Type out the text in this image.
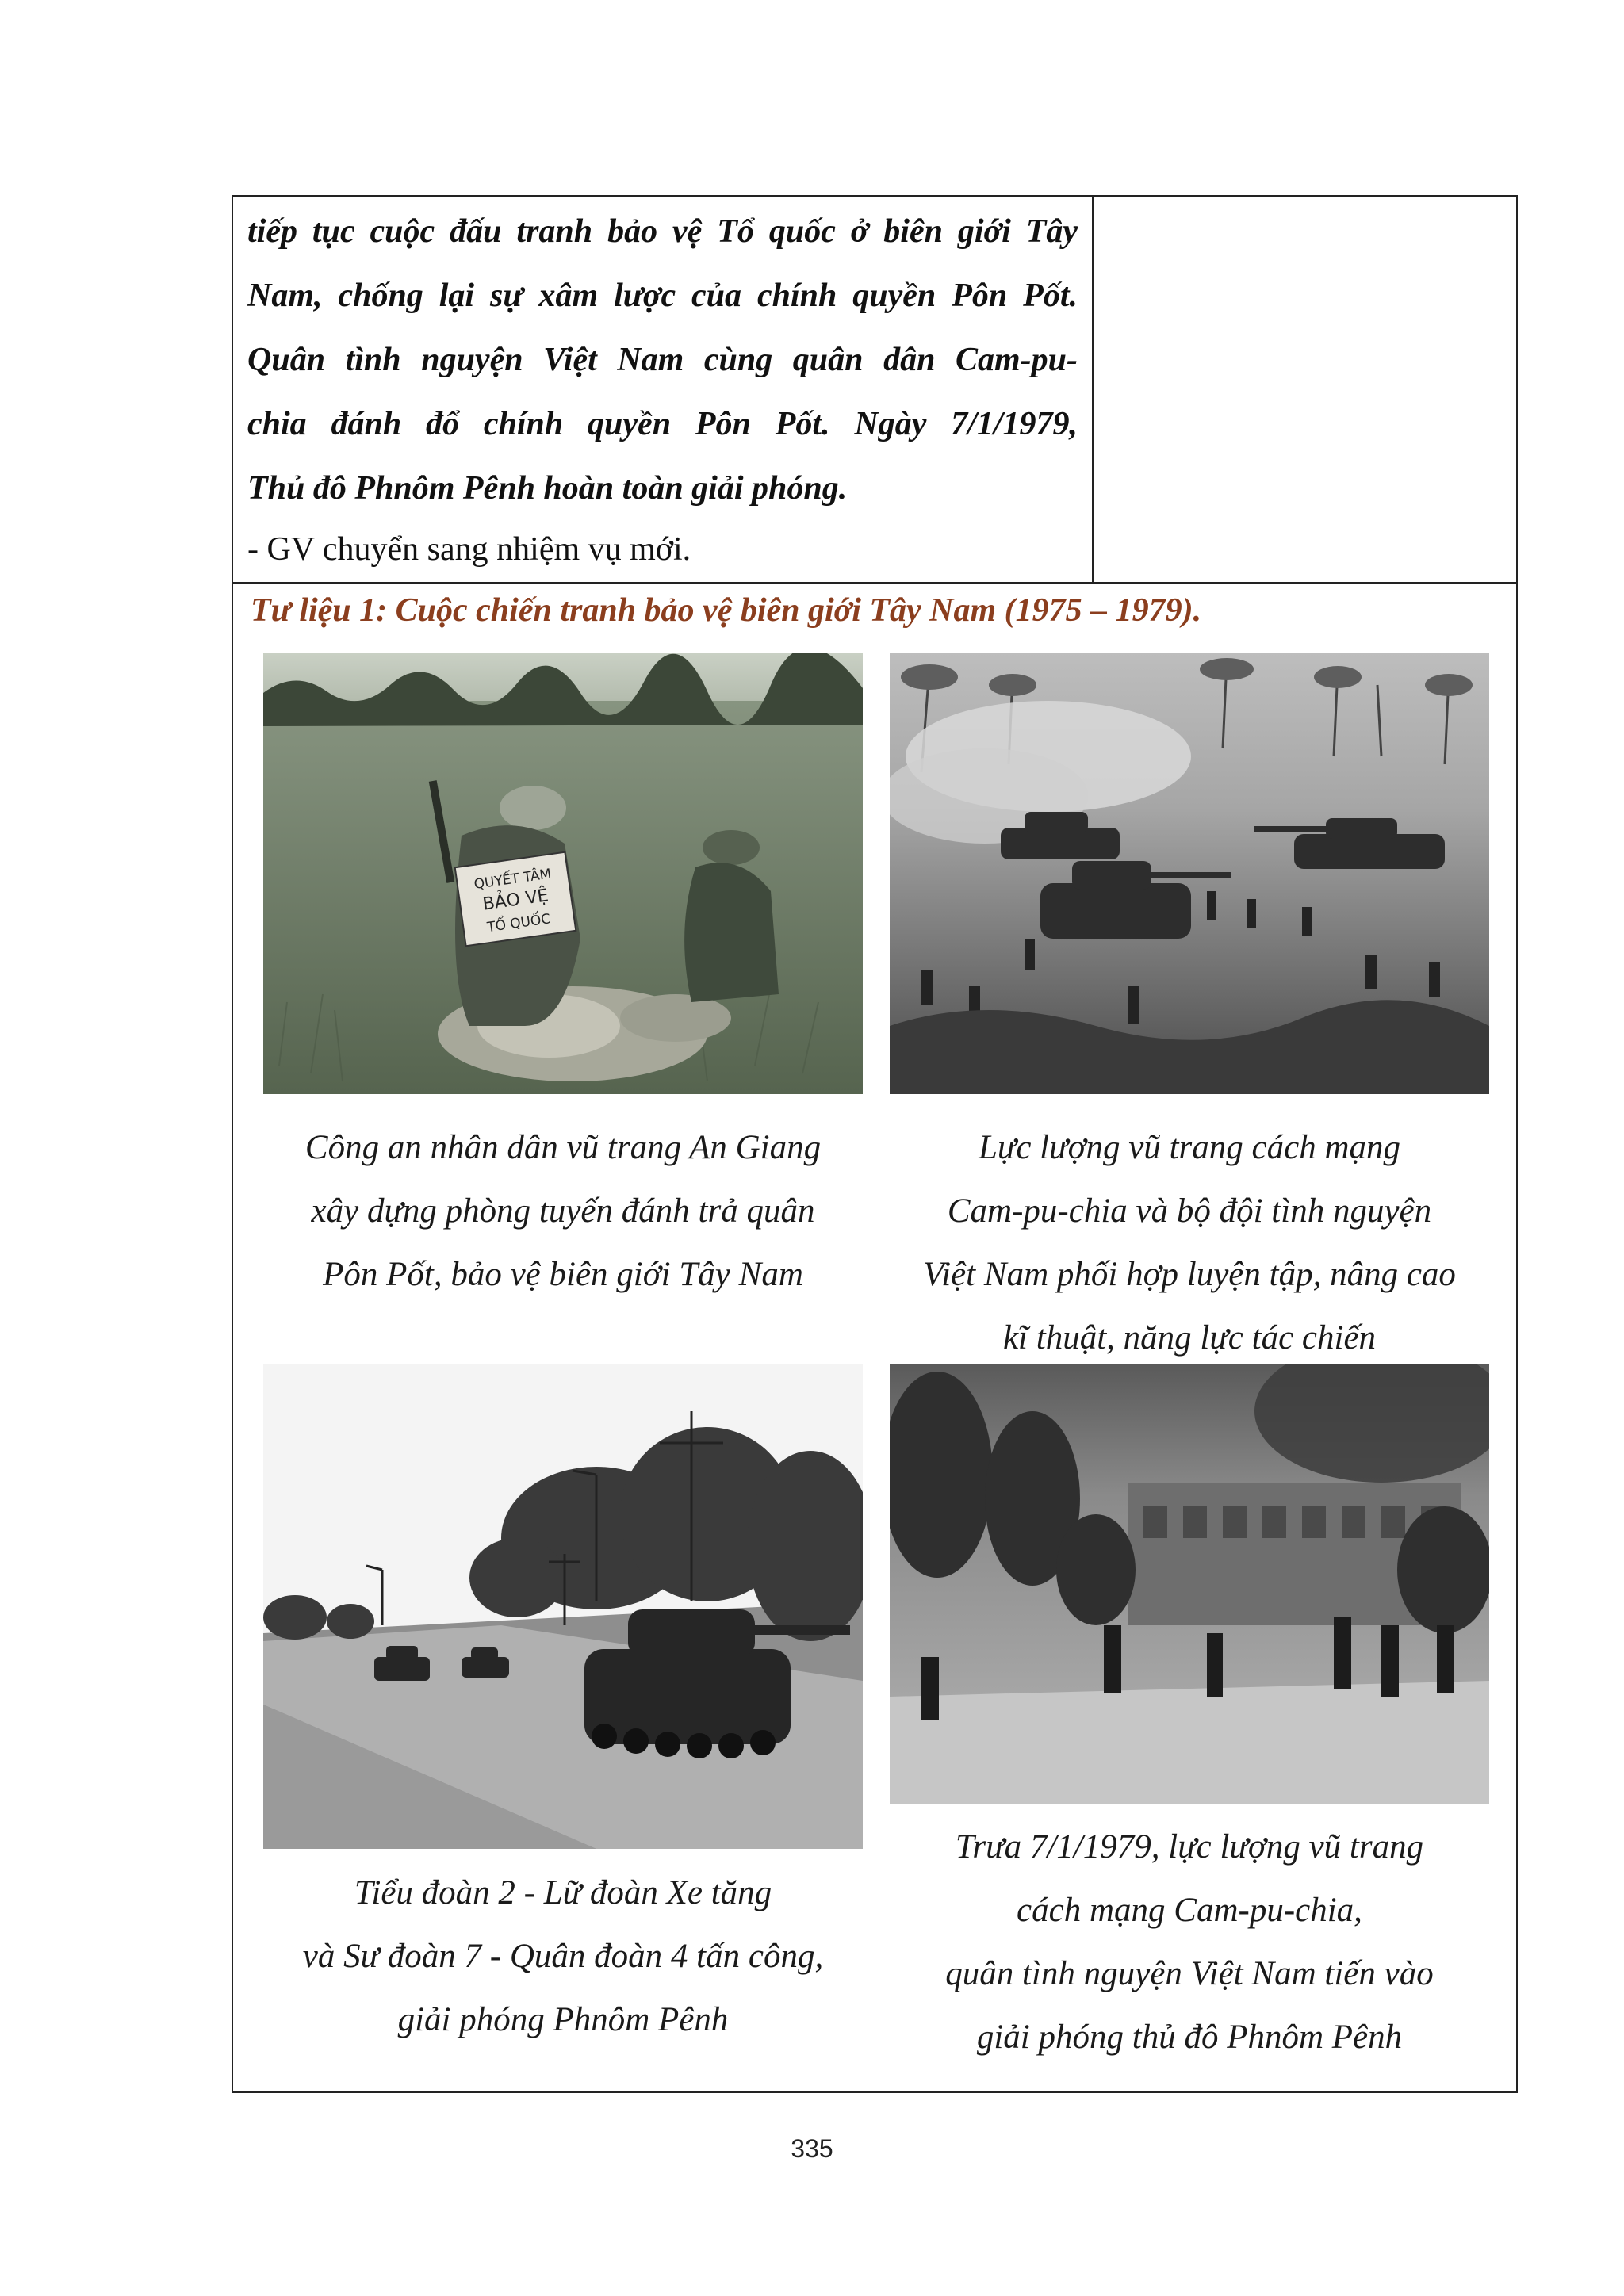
tiếp tục cuộc đấu tranh bảo vệ Tổ quốc ở biên giới Tây
Nam, chống lại sự xâm lược của chính quyền Pôn Pốt.
Quân tình nguyện Việt Nam cùng quân dân Cam-pu-
chia đánh đổ chính quyền Pôn Pốt. Ngày 7/1/1979,
Thủ đô Phnôm Pênh hoàn toàn giải phóng.
- GV chuyển sang nhiệm vụ mới.
Tư liệu 1: Cuộc chiến tranh bảo vệ biên giới Tây Nam (1975 – 1979).
QUYẾT TÂM
BẢO VỆ
TỔ QUỐC
Công an nhân dân vũ trang An Giang
xây dựng phòng tuyến đánh trả quân
Pôn Pốt, bảo vệ biên giới Tây Nam
Lực lượng vũ trang cách mạng
Cam-pu-chia và bộ đội tình nguyện
Việt Nam phối hợp luyện tập, nâng cao
kĩ thuật, năng lực tác chiến
Tiểu đoàn 2 - Lữ đoàn Xe tăng
và Sư đoàn 7 - Quân đoàn 4 tấn công,
giải phóng Phnôm Pênh
Trưa 7/1/1979, lực lượng vũ trang
cách mạng Cam-pu-chia,
quân tình nguyện Việt Nam tiến vào
giải phóng thủ đô Phnôm Pênh
335
